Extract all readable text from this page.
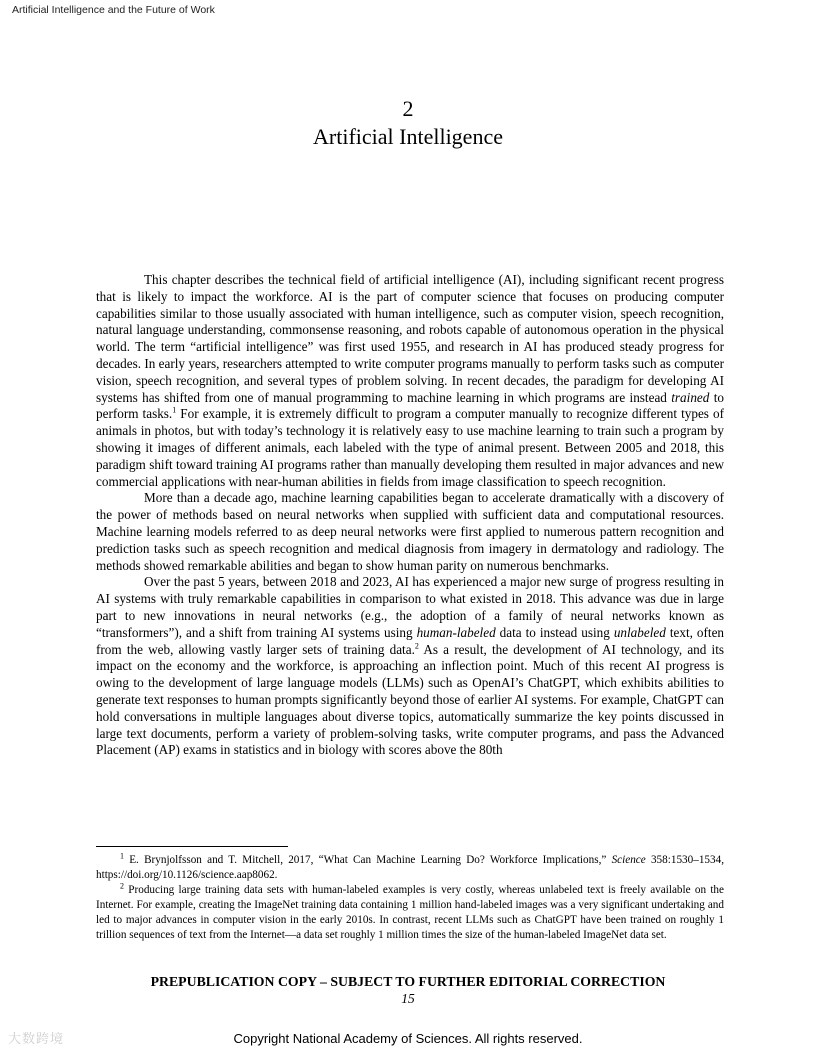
Artificial Intelligence and the Future of Work
2
Artificial Intelligence

This chapter describes the technical field of artificial intelligence (AI), including significant recent progress that is likely to impact the workforce. AI is the part of computer science that focuses on producing computer capabilities similar to those usually associated with human intelligence, such as computer vision, speech recognition, natural language understanding, commonsense reasoning, and robots capable of autonomous operation in the physical world. The term “artificial intelligence” was first used 1955, and research in AI has produced steady progress for decades. In early years, researchers attempted to write computer programs manually to perform tasks such as computer vision, speech recognition, and several types of problem solving. In recent decades, the paradigm for developing AI systems has shifted from one of manual programming to machine learning in which programs are instead trained to perform tasks.$^1$ For example, it is extremely difficult to program a computer manually to recognize different types of animals in photos, but with today’s technology it is relatively easy to use machine learning to train such a program by showing it images of different animals, each labeled with the type of animal present. Between 2005 and 2018, this paradigm shift toward training AI programs rather than manually developing them resulted in major advances and new commercial applications with near-human abilities in fields from image classification to speech recognition.

More than a decade ago, machine learning capabilities began to accelerate dramatically with a discovery of the power of methods based on neural networks when supplied with sufficient data and computational resources. Machine learning models referred to as deep neural networks were first applied to numerous pattern recognition and prediction tasks such as speech recognition and medical diagnosis from imagery in dermatology and radiology. The methods showed remarkable abilities and began to show human parity on numerous benchmarks.

Over the past 5 years, between 2018 and 2023, AI has experienced a major new surge of progress resulting in AI systems with truly remarkable capabilities in comparison to what existed in 2018. This advance was due in large part to new innovations in neural networks (e.g., the adoption of a family of neural networks known as “transformers”), and a shift from training AI systems using human-labeled data to instead using unlabeled text, often from the web, allowing vastly larger sets of training data.$^2$ As a result, the development of AI technology, and its impact on the economy and the workforce, is approaching an inflection point. Much of this recent AI progress is owing to the development of large language models (LLMs) such as OpenAI’s ChatGPT, which exhibits abilities to generate text responses to human prompts significantly beyond those of earlier AI systems. For example, ChatGPT can hold conversations in multiple languages about diverse topics, automatically summarize the key points discussed in large text documents, perform a variety of problem-solving tasks, write computer programs, and pass the Advanced Placement (AP) exams in statistics and in biology with scores above the 80th

$^1$ E. Brynjolfsson and T. Mitchell, 2017, “What Can Machine Learning Do? Workforce Implications,” Science 358:1530–1534, https://doi.org/10.1126/science.aap8062.

$^2$ Producing large training data sets with human-labeled examples is very costly, whereas unlabeled text is freely available on the Internet. For example, creating the ImageNet training data containing 1 million hand-labeled images was a very significant undertaking and led to major advances in computer vision in the early 2010s. In contrast, recent LLMs such as ChatGPT have been trained on roughly 1 trillion sequences of text from the Internet—a data set roughly 1 million times the size of the human-labeled ImageNet data set.

PREPUBLICATION COPY – SUBJECT TO FURTHER EDITORIAL CORRECTION
15
大数跨境	Copyright National Academy of Sciences. All rights reserved.
